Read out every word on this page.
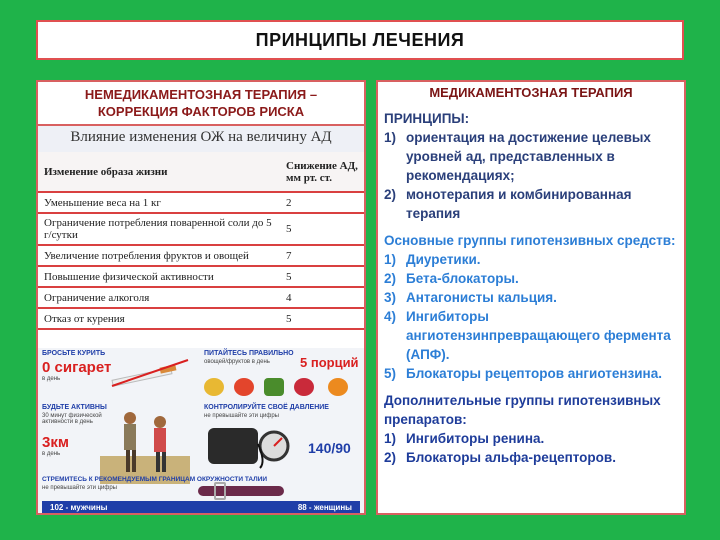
ПРИНЦИПЫ ЛЕЧЕНИЯ
НЕМЕДИКАМЕНТОЗНАЯ ТЕРАПИЯ –
КОРРЕКЦИЯ ФАКТОРОВ РИСКА
Влияние изменения ОЖ на величину АД
Изменение образа жизни	Снижение АД, мм рт. ст.
Уменьшение веса на 1 кг	2
Ограничение потребления поваренной соли до 5 г/сутки	5
Увеличение потребления фруктов и овощей	7
Повышение физической активности	5
Ограничение алкоголя	4
Отказ от курения	5
БРОСЬТЕ КУРИТЬ
0 сигарет
в день
ПИТАЙТЕСЬ ПРАВИЛЬНО
овощей/фруктов в день 5 порций
БУДЬТЕ АКТИВНЫ
30 минут физической активности в день
3км
в день
КОНТРОЛИРУЙТЕ СВОЁ ДАВЛЕНИЕ
не превышайте эти цифры
140/90
СТРЕМИТЕСЬ К РЕКОМЕНДУЕМЫМ ГРАНИЦАМ ОКРУЖНОСТИ ТАЛИИ
не превышайте эти цифры
102 - мужчины	88 - женщины
МЕДИКАМЕНТОЗНАЯ ТЕРАПИЯ
ПРИНЦИПЫ:
1) ориентация на достижение целевых уровней ад, представленных в рекомендациях;
2) монотерапия и комбинированная терапия
Основные группы гипотензивных средств:
1) Диуретики.
2) Бета-блокаторы.
3) Антагонисты кальция.
4) Ингибиторы ангиотензинпревращающего фермента (АПФ).
5) Блокаторы рецепторов ангиотензина.
Дополнительные группы гипотензивных препаратов:
1) Ингибиторы ренина.
2) Блокаторы альфа-рецепторов.
